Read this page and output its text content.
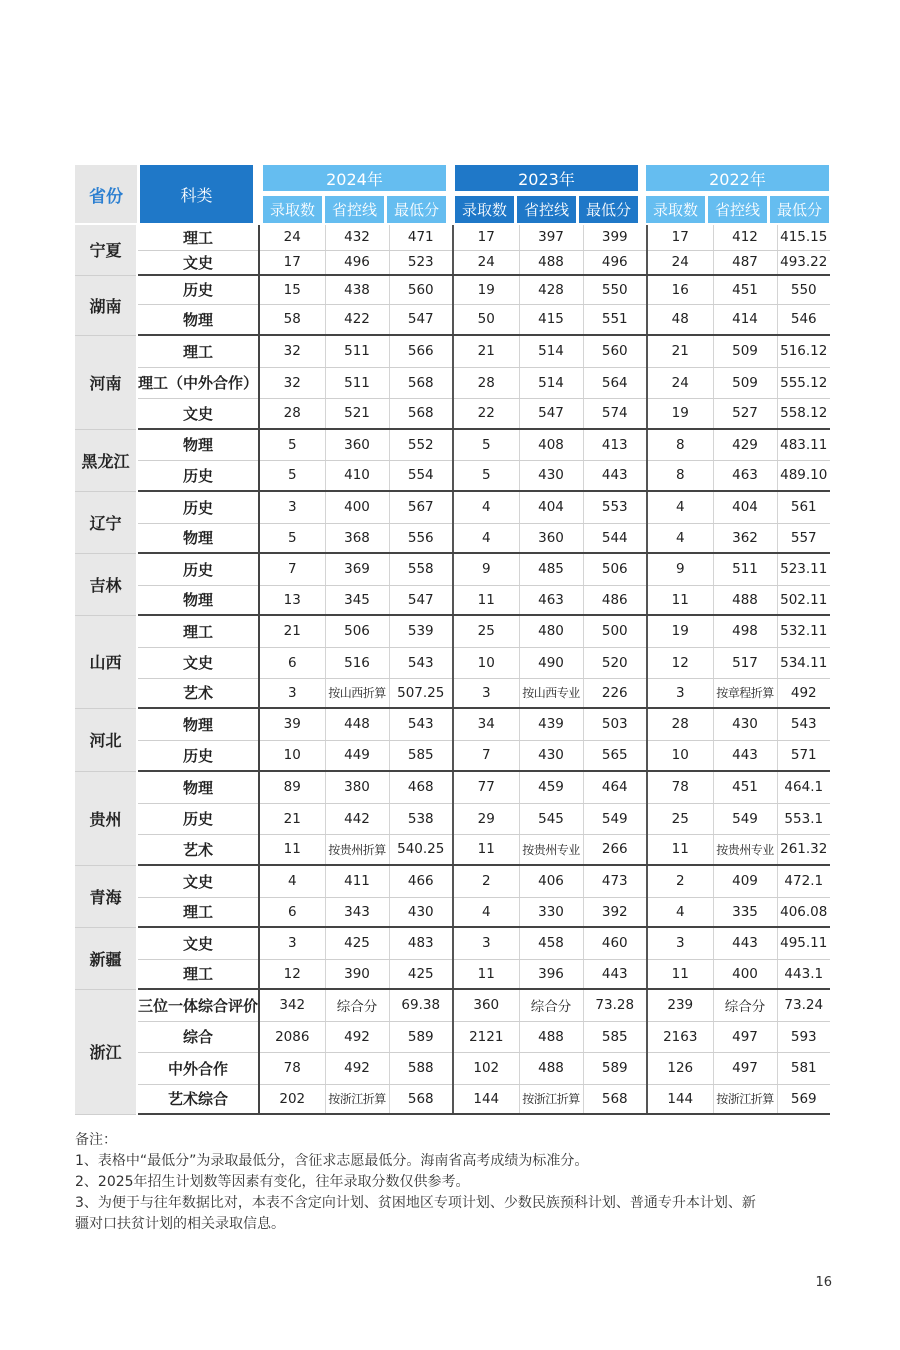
省份	科类
2024年	2023年	2022年
录取数	省控线	最低分	录取数	省控线	最低分	录取数	省控线	最低分
宁夏	理工	24	432	471	17	397	399	17	412	415.15
	文史	17	496	523	24	488	496	24	487	493.22
湖南	历史	15	438	560	19	428	550	16	451	550
	物理	58	422	547	50	415	551	48	414	546
河南	理工	32	511	566	21	514	560	21	509	516.12
	理工（中外合作）	32	511	568	28	514	564	24	509	555.12
	文史	28	521	568	22	547	574	19	527	558.12
黑龙江	物理	5	360	552	5	408	413	8	429	483.11
	历史	5	410	554	5	430	443	8	463	489.10
辽宁	历史	3	400	567	4	404	553	4	404	561
	物理	5	368	556	4	360	544	4	362	557
吉林	历史	7	369	558	9	485	506	9	511	523.11
	物理	13	345	547	11	463	486	11	488	502.11
山西	理工	21	506	539	25	480	500	19	498	532.11
	文史	6	516	543	10	490	520	12	517	534.11
	艺术	3	按山西折算	507.25	3	按山西专业	226	3	按章程折算	492
河北	物理	39	448	543	34	439	503	28	430	543
	历史	10	449	585	7	430	565	10	443	571
贵州	物理	89	380	468	77	459	464	78	451	464.1
	历史	21	442	538	29	545	549	25	549	553.1
	艺术	11	按贵州折算	540.25	11	按贵州专业	266	11	按贵州专业	261.32
青海	文史	4	411	466	2	406	473	2	409	472.1
	理工	6	343	430	4	330	392	4	335	406.08
新疆	文史	3	425	483	3	458	460	3	443	495.11
	理工	12	390	425	11	396	443	11	400	443.1
浙江	三位一体综合评价	342	综合分	69.38	360	综合分	73.28	239	综合分	73.24
	综合	2086	492	589	2121	488	585	2163	497	593
	中外合作	78	492	588	102	488	589	126	497	581
	艺术综合	202	按浙江折算	568	144	按浙江折算	568	144	按浙江折算	569
备注：
1、表格中“最低分”为录取最低分，含征求志愿最低分。海南省高考成绩为标准分。
2、2025年招生计划数等因素有变化，往年录取分数仅供参考。
3、为便于与往年数据比对，本表不含定向计划、贫困地区专项计划、少数民族预科计划、普通专升本计划、新
疆对口扶贫计划的相关录取信息。
16
